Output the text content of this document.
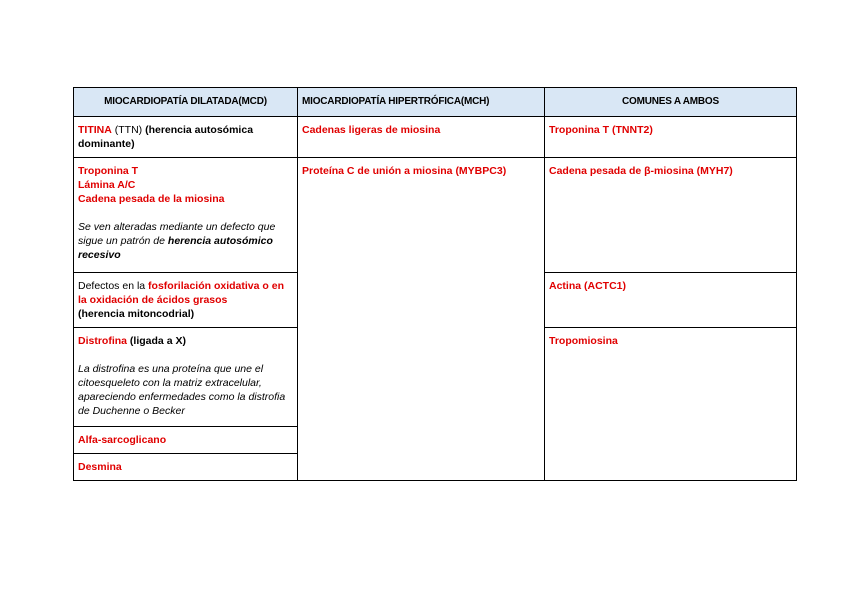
MIOCARDIOPATÍA DILATADA(MCD)	MIOCARDIOPATÍA HIPERTRÓFICA(MCH)	COMUNES A AMBOS
TITINA (TTN) (herencia autosómica dominante)	Cadenas ligeras de miosina	Troponina T (TNNT2)

Troponina T
Lámina A/C
Cadena pesada de la miosina
Se ven alteradas mediante un defecto que sigue un patrón de herencia autosómico recesivo	Proteína C de unión a miosina (MYBPC3)	Cadena pesada de β-miosina (MYH7)
Defectos en la fosforilación oxidativa o en la oxidación de ácidos grasos
(herencia mitoncodrial)		Actina (ACTC1)
Distrofina (ligada a X)
La distrofina es una proteína que une el citoesqueleto con la matriz extracelular, apareciendo enfermedades como la distrofia de Duchenne o Becker		Tropomiosina
Alfa-sarcoglicano		
Desmina		
